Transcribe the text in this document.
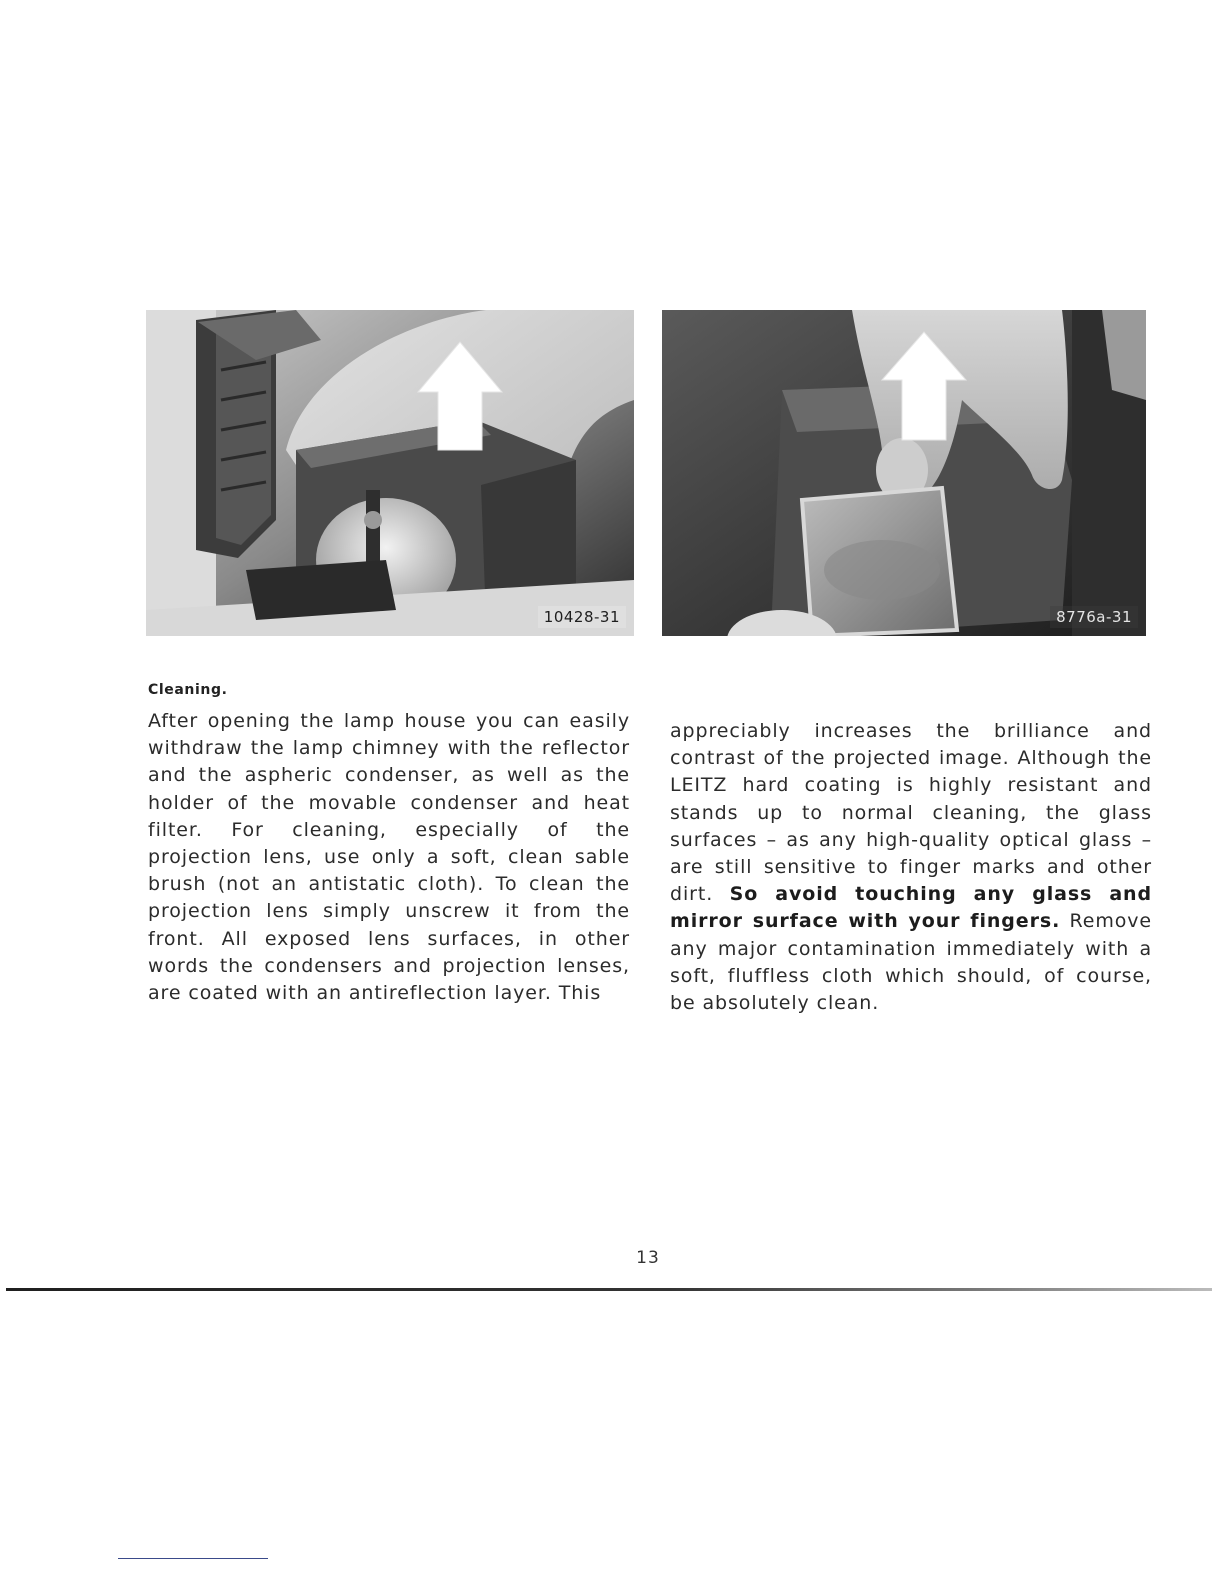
10428-31	8776a-31
Cleaning.

After opening the lamp house you can easily withdraw the lamp chimney with the reflector and the aspheric condenser, as well as the holder of the movable condenser and heat filter. For cleaning, especially of the projection lens, use only a soft, clean sable brush (not an antistatic cloth). To clean the projection lens simply unscrew it from the front. All exposed lens surfaces, in other words the condensers and projection lenses, are coated with an antireflection layer. This

appreciably increases the brilliance and contrast of the projected image. Although the LEITZ hard coating is highly resistant and stands up to normal cleaning, the glass surfaces – as any high-quality optical glass – are still sensitive to finger marks and other dirt. So avoid touching any glass and mirror surface with your fingers. Remove any major contamination immediately with a soft, fluffless cloth which should, of course, be absolutely clean.

13
